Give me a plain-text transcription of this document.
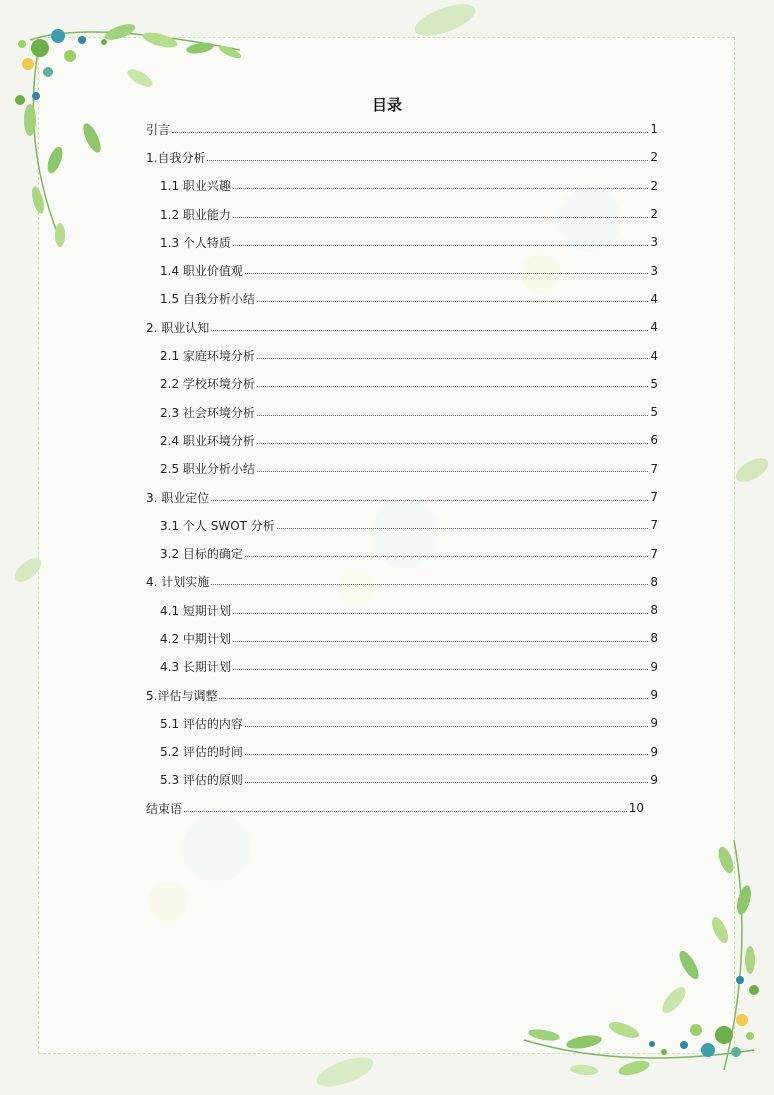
目录
引言	1
1.自我分析	2
1.1 职业兴趣	2
1.2 职业能力	2
1.3 个人特质	3
1.4 职业价值观	3
1.5 自我分析小结	4
2. 职业认知	4
2.1 家庭环境分析	4
2.2 学校环境分析	5
2.3 社会环境分析	5
2.4 职业环境分析	6
2.5 职业分析小结	7
3. 职业定位	7
3.1 个人 SWOT 分析	7
3.2 目标的确定	7
4. 计划实施	8
4.1 短期计划	8
4.2 中期计划	8
4.3 长期计划	9
5.评估与调整	9
5.1 评估的内容	9
5.2 评估的时间	9
5.3 评估的原则	9
结束语	10
